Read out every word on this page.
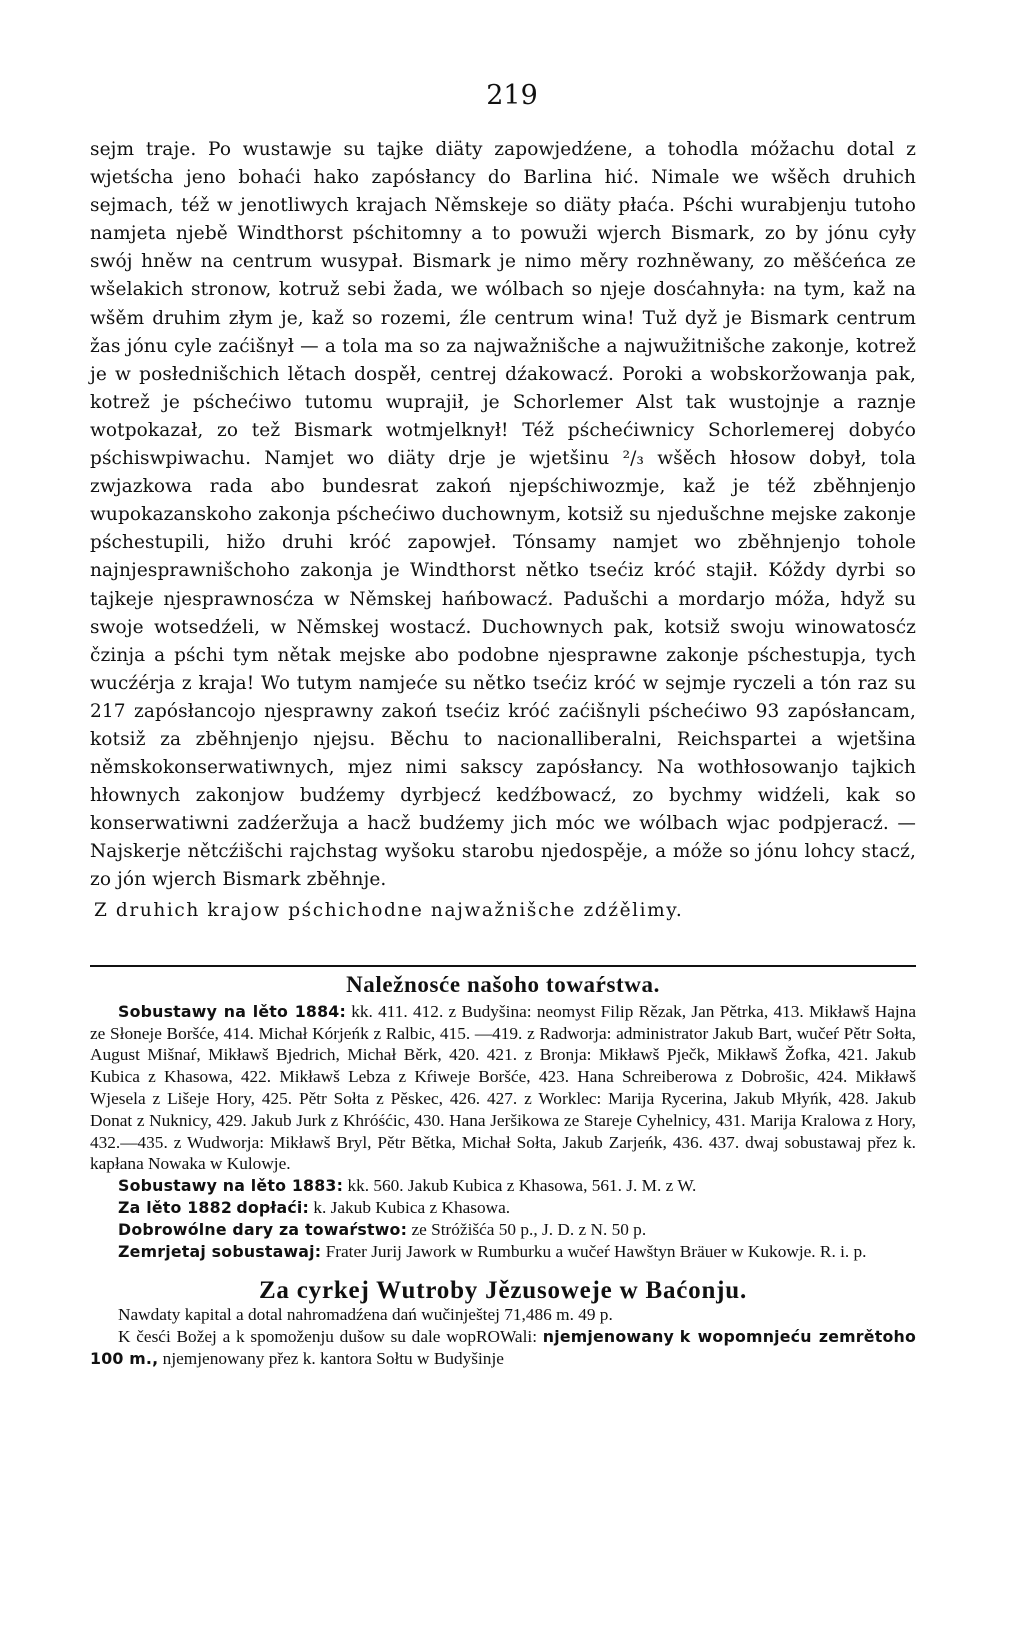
219

sejm traje. Po wustawje su tajke diäty zapowjedźene, a tohodla móžachu dotal z wjetścha jeno bohaći hako zapósłancy do Barlina hić. Nimale we wšěch druhich sejmach, též w jenotliwych krajach Němskeje so diäty płaća. Pśchi wurabjenju tutoho namjeta njebě Windthorst pśchitomny a to powuži wjerch Bismark, zo by jónu cyły swój hněw na centrum wusypał. Bismark je nimo měry rozhněwany, zo měšćeńca ze wšelakich stronow, kotruž sebi žada, we wólbach so njeje dosćahnyła: na tym, kaž na wšěm druhim złym je, kaž so rozemi, źle centrum wina! Tuž dyž je Bismark centrum žas jónu cyle zaćišnył — a tola ma so za najwažnišche a najwužitnišche zakonje, kotrež je w posłednišchich lětach dospěł, centrej dźakowacź. Poroki a wobskoržowanja pak, kotrež je pśchećiwo tutomu wuprajił, je Schorlemer Alst tak wustojnje a raznje wotpokazał, zo tež Bismark wotmjelknył! Též pśchećiwnicy Schorlemerej dobyćo pśchiswpiwachu. Namjet wo diäty drje je wjetšinu ²/₃ wšěch hłosow dobył, tola zwjazkowa rada abo bundesrat zakoń njepśchiwozmje, kaž je též zběhnjenjo wupokazanskoho zakonja pśchećiwo duchownym, kotsiž su njedušchne mejske zakonje pśchestupili, hižo druhi króć zapowjeł. Tónsamy namjet wo zběhnjenjo toholе najnjesprawnišchoho zakonja je Windthorst nětko tsećiz króć stajił. Kóždy dyrbi so tajkeje njesprawnosćza w Němskej hańbowacź. Padušchi a mordarjo móža, hdyž su swoje wotsedźeli, w Němskej wostacź. Duchownych pak, kotsiž swoju winowatosćz čzinja a pśchi tym nětak mejske abo podobne njesprawne zakonje pśchestupja, tych wucźérja z kraja! Wo tutym namjeće su nětko tsećiz króć w sejmje ryczeli a tón raz su 217 zapósłancojo njesprawny zakoń tsećiz króć zaćišnyli pśchećiwo 93 zapósłancam, kotsiž za zběhnjenjo njejsu. Běchu to nacionalliberalni, Reichspartei a wjetšina němskokonserwatiwnych, mjez nimi sakscy zapósłancy. Na wothłosowanjo tajkich hłownych zakonjow budźemy dyrbjecź kedźbowacź, zo bychmy widźeli, kak so konserwatiwni zadźeržuja a hacž budźemy jich móc we wólbach wjac podpjeracź. — Najskerje nětcźišchi rajchstag wyšoku starobu njedospěje, a móže so jónu lohcy stacź, zo jón wjerch Bismark zběhnje.

Z druhich krajow pśchichodne najwažnišche zdźělimy.

Naležnosće našoho towaŕstwa.

Sobustawy na lěto 1884: kk. 411. 412. z Budyšina: neomyst Filip Rězak, Jan Pětrka, 413. Mikławš Hajna ze Słoneje Boršće, 414. Michał Kórjeńk z Ralbic, 415. —419. z Radworja: administrator Jakub Bart, wučeŕ Pětr Sołta, August Mišnaŕ, Mikławš Bjedrich, Michał Běrk, 420. 421. z Bronja: Mikławš Pječk, Mikławš Žofka, 421. Jakub Kubica z Khasowa, 422. Mikławš Lebza z Kŕiweje Boršće, 423. Hana Schreiberowa z Dobrošic, 424. Mikławš Wjesela z Lišeje Hory, 425. Pětr Sołta z Pěskec, 426. 427. z Worklec: Marija Rycerina, Jakub Młyńk, 428. Jakub Donat z Nuknicy, 429. Jakub Jurk z Khróśćic, 430. Hana Jeršikowa ze Stareje Cyhelnicy, 431. Marija Kralowa z Hory, 432.—435. z Wudworja: Mikławš Bryl, Pětr Bětka, Michał Sołta, Jakub Zarjeńk, 436. 437. dwaj sobustawaj přez k. kapłana Nowaka w Kulowje.

Sobustawy na lěto 1883: kk. 560. Jakub Kubica z Khasowa, 561. J. M. z W.

Za lěto 1882 dopłaći: k. Jakub Kubica z Khasowa.

Dobrowólne dary za towaŕstwo: ze Stróžišća 50 p., J. D. z N. 50 p.

Zemrjetaj sobustawaj: Frater Jurij Jawork w Rumburku a wučeŕ Hawštyn Bräuer w Kukowje. R. i. p.

Za cyrkej Wutroby Jězusoweje w Baćonju.

Nawdaty kapital a dotal nahromadźena dań wučinještej 71,486 m. 49 p.

K česći Božej a k spomoženju dušow su dale wopROWali: njemjenowany k wopomnjeću zemrětoho 100 m., njemjenowany přez k. kantora Sołtu w Budyšinje
